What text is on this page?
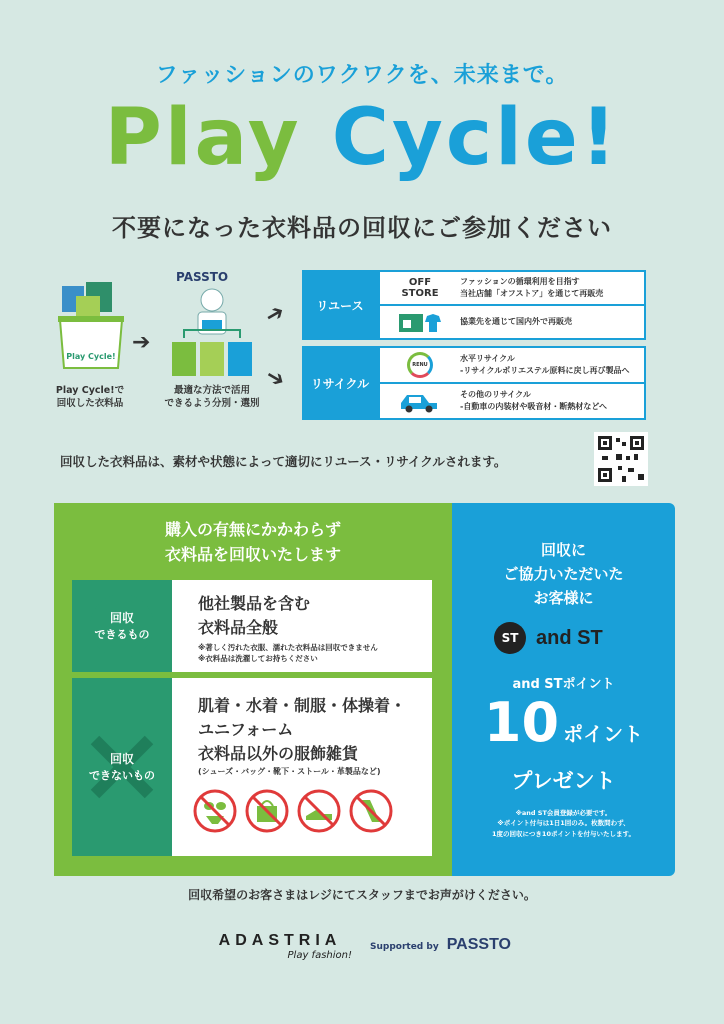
ファッションのワクワクを、未来まで。
Play Cycle!
不要になった衣料品の回収にご参加ください
Play Cycle!
Play Cycle!で
回収した衣料品
➔
PASSTO
最適な方法で活用
できるよう分別・選別
➔
➔
リユース
OFF
STORE
ファッションの循環利用を目指す
当社店舗「オフストア」を通じて再販売
協業先を通じて国内外で再販売
リサイクル
RENU
水平リサイクル
-リサイクルポリエステル原料に戻し再び製品へ
その他のリサイクル
-自動車の内装材や吸音材・断熱材などへ
回収した衣料品は、素材や状態によって適切にリユース・リサイクルされます。
購入の有無にかかわらず
衣料品を回収いたします
回収
できるもの
他社製品を含む
衣料品全般
※著しく汚れた衣服、濡れた衣料品は回収できません
※衣料品は洗濯してお持ちください
回収
できないもの
肌着・水着・制服・体操着・
ユニフォーム
衣料品以外の服飾雑貨
(シューズ・バッグ・靴下・ストール・革製品など)
回収に
ご協力いただいた
お客様に
ST and ST
and STポイント
10 ポイント
プレゼント
※and ST会員登録が必要です。
※ポイント付与は1日1回のみ。枚数問わず、
1度の回収につき10ポイントを付与いたします。
回収希望のお客さまはレジにてスタッフまでお声がけください。
ADASTRIA
Play fashion!
Supported by PASSTO
